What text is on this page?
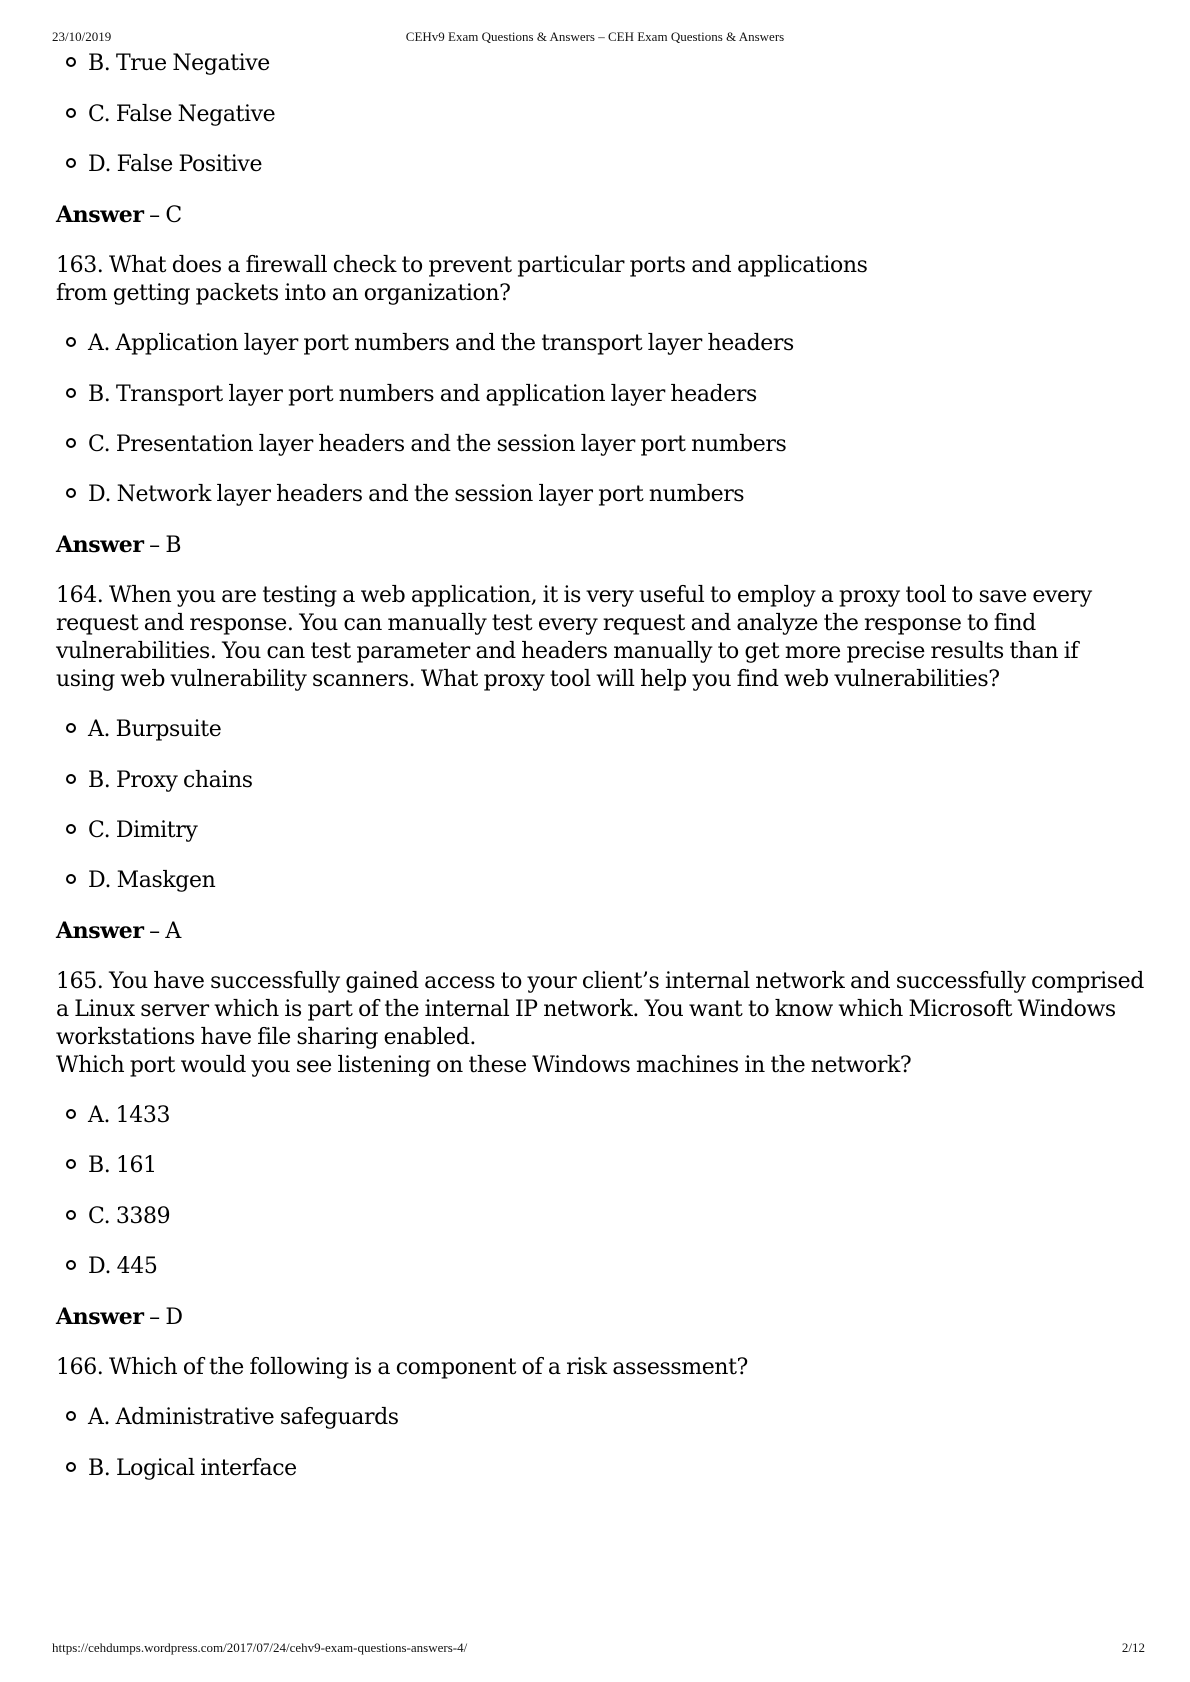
23/10/2019	CEHv9 Exam Questions & Answers – CEH Exam Questions & Answers
B. True Negative
C. False Negative
D. False Positive
Answer – C
163. What does a firewall check to prevent particular ports and applications
from getting packets into an organization?
A. Application layer port numbers and the transport layer headers
B. Transport layer port numbers and application layer headers
C. Presentation layer headers and the session layer port numbers
D. Network layer headers and the session layer port numbers
Answer – B
164. When you are testing a web application, it is very useful to employ a proxy tool to save every
request and response. You can manually test every request and analyze the response to find
vulnerabilities. You can test parameter and headers manually to get more precise results than if
using web vulnerability scanners. What proxy tool will help you find web vulnerabilities?
A. Burpsuite
B. Proxy chains
C. Dimitry
D. Maskgen
Answer – A
165. You have successfully gained access to your client’s internal network and successfully comprised
a Linux server which is part of the internal IP network. You want to know which Microsoft Windows
workstations have file sharing enabled.
Which port would you see listening on these Windows machines in the network?
A. 1433
B. 161
C. 3389
D. 445
Answer – D
166. Which of the following is a component of a risk assessment?
A. Administrative safeguards
B. Logical interface
https://cehdumps.wordpress.com/2017/07/24/cehv9-exam-questions-answers-4/	2/12
